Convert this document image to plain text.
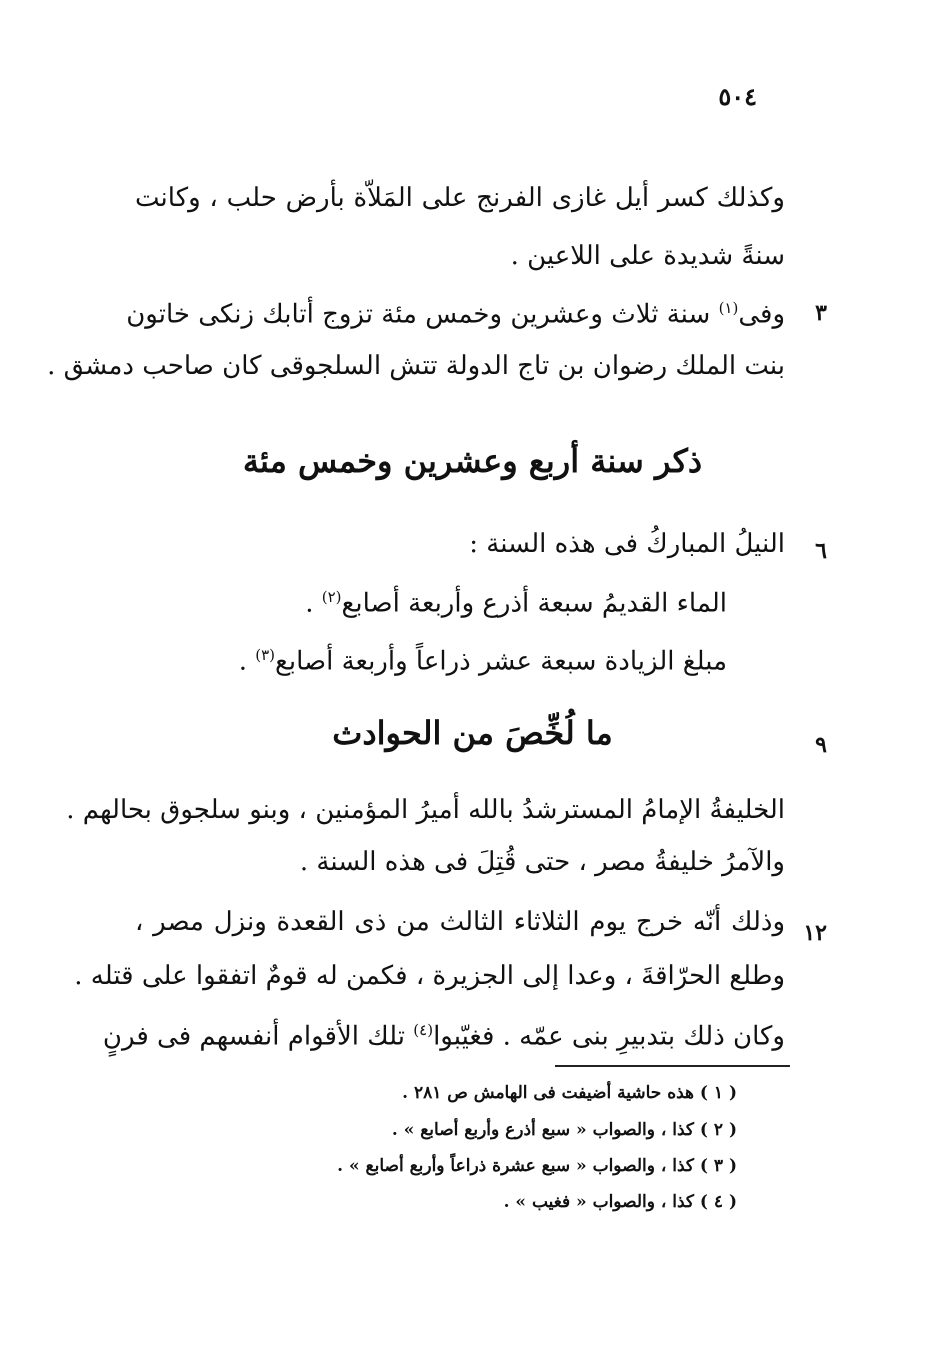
٥٠٤
وكذلك كسر أيل غازى الفرنج على المَلاّة بأرض حلب ، وكانت
سنةً شديدة على اللاعين .
٣
وفى$^{(١)}$ سنة ثلاث وعشرين وخمس مئة تزوج أتابك زنكى خاتون
بنت الملك رضوان بن تاج الدولة تتش السلجوقى كان صاحب دمشق .
ذكر سنة أربع وعشرين وخمس مئة
٦
النيلُ المباركُ فى هذه السنة :
الماء القديمُ سبعة أذرع وأربعة أصابع$^{(٢)}$ .
مبلغ الزيادة سبعة عشر ذراعاً وأربعة أصابع$^{(٣)}$ .
٩
ما لُخِّصَ من الحوادث
الخليفةُ الإمامُ المسترشدُ بالله أميرُ المؤمنين ، وبنو سلجوق بحالهم .
والآمرُ خليفةُ مصر ، حتى قُتِلَ فى هذه السنة .
١٢
وذلك أنّه خرج يوم الثلاثاء الثالث من ذى القعدة ونزل مصر ،
وطلع الحرّاقةَ ، وعدا إلى الجزيرة ، فكمن له قومٌ اتفقوا على قتله .
وكان ذلك بتدبيرِ بنى عمّه . فغيّبوا$^{(٤)}$ تلك الأقوام أنفسهم فى فرنٍ
( ١ ) هذه حاشية أضيفت فى الهامش ص ٢٨١ .
( ٢ ) كذا ، والصواب « سبع أذرع وأربع أصابع » .
( ٣ ) كذا ، والصواب « سبع عشرة ذراعاً وأربع أصابع » .
( ٤ ) كذا ، والصواب « فغيب » .
